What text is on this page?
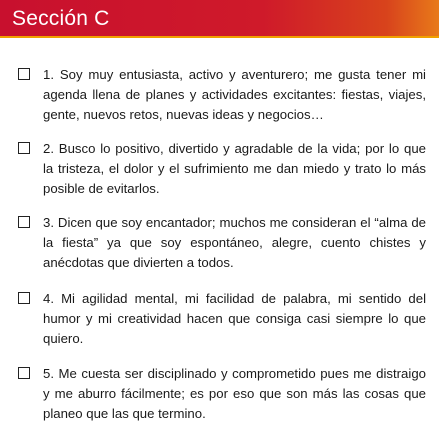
Sección C

1. Soy muy entusiasta, activo y aventurero; me gusta tener mi agenda llena de planes y actividades excitantes: fiestas, viajes, gente, nuevos retos, nuevas ideas y negocios…

2. Busco lo positivo, divertido y agradable de la vida; por lo que la tristeza, el dolor y el sufrimiento me dan miedo y trato lo más posible de evitarlos.

3. Dicen que soy encantador; muchos me consideran el “alma de la fiesta” ya que soy espontáneo, alegre, cuento chistes y anécdotas que divierten a todos.

4. Mi agilidad mental, mi facilidad de palabra, mi sentido del humor y mi creatividad hacen que consiga casi siempre lo que quiero.

5. Me cuesta ser disciplinado y comprometido pues me distraigo y me aburro fácilmente; es por eso que son más las cosas que planeo que las que termino.
